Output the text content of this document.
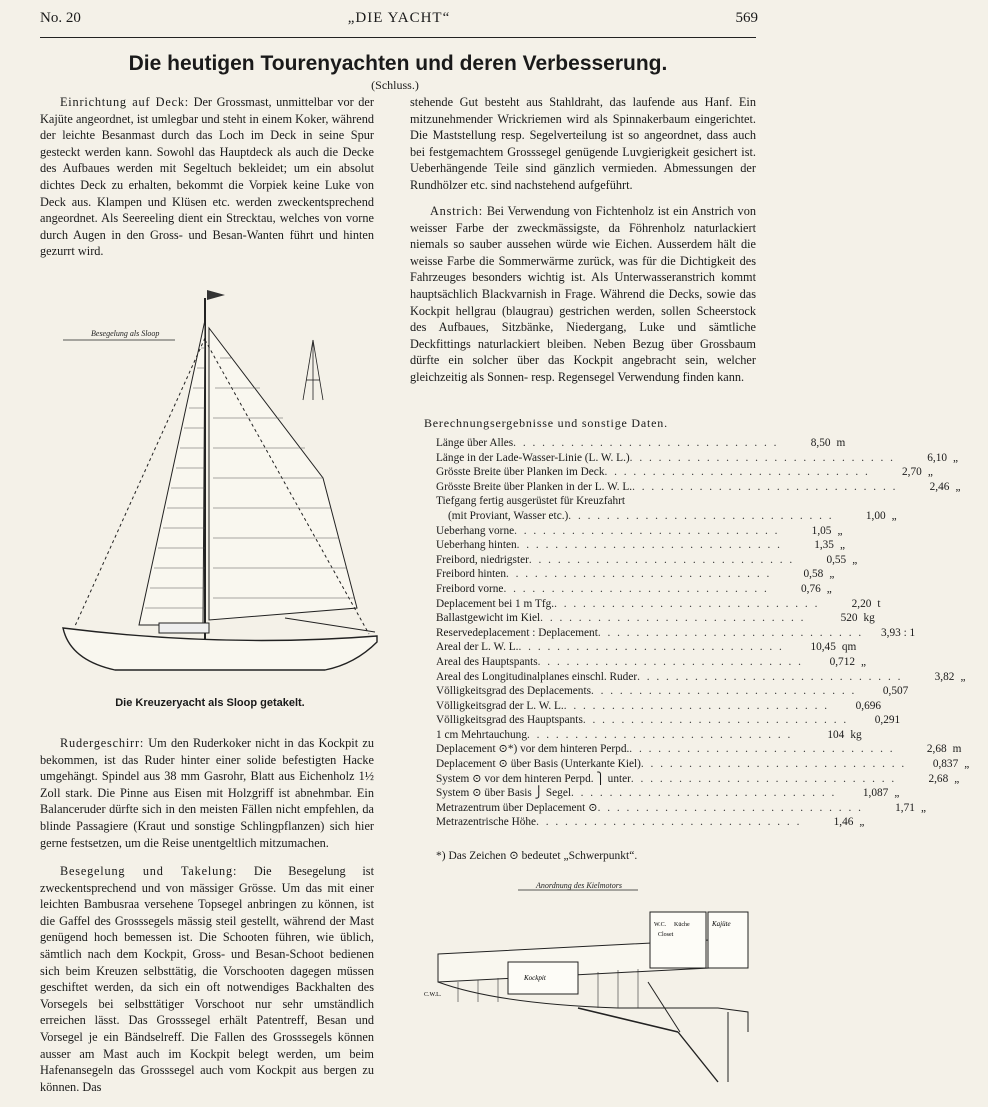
No. 20	„DIE YACHT“	569
Die heutigen Tourenyachten und deren Verbesserung.
(Schluss.)

Einrichtung auf Deck: Der Grossmast, unmittelbar vor der Kajüte angeordnet, ist umlegbar und steht in einem Koker, während der leichte Besanmast durch das Loch im Deck in seine Spur gesteckt werden kann. Sowohl das Hauptdeck als auch die Decke des Aufbaues werden mit Segeltuch bekleidet; um ein absolut dichtes Deck zu erhalten, bekommt die Vorpiek keine Luke von Deck aus. Klampen und Klüsen etc. werden zweckentsprechend angeordnet. Als Seereeling dient ein Strecktau, welches von vorne durch Augen in den Gross- und Besan-Wanten führt und hinten gezurrt wird.

Besegelung als Sloop
Die Kreuzeryacht als Sloop getakelt.

Rudergeschirr: Um den Ruderkoker nicht in das Kockpit zu bekommen, ist das Ruder hinter einer solide befestigten Hacke umgehängt. Spindel aus 38 mm Gasrohr, Blatt aus Eichenholz 1½ Zoll stark. Die Pinne aus Eisen mit Holzgriff ist abnehmbar. Ein Balanceruder dürfte sich in den meisten Fällen nicht empfehlen, da blinde Passagiere (Kraut und sonstige Schlingpflanzen) sich hier gerne festsetzen, um die Reise unentgeltlich mitzumachen.

Besegelung und Takelung: Die Besegelung ist zweckentsprechend und von mässiger Grösse. Um das mit einer leichten Bambusraa versehene Topsegel anbringen zu können, ist die Gaffel des Grosssegels mässig steil gestellt, während der Mast genügend hoch bemessen ist. Die Schooten führen, wie üblich, sämtlich nach dem Kockpit, Gross- und Besan-Schoot bedienen sich beim Kreuzen selbsttätig, die Vorschooten dagegen müssen geschiftet werden, da sich ein oft notwendiges Backhalten des Vorsegels bei selbsttätiger Vorschoot nur sehr umständlich erreichen lässt. Das Grosssegel erhält Patentreff, Besan und Vorsegel je ein Bändselreff. Die Fallen des Grosssegels können ausser am Mast auch im Kockpit belegt werden, um beim Hafenansegeln das Grosssegel auch vom Kockpit aus bergen zu können. Das

stehende Gut besteht aus Stahldraht, das laufende aus Hanf. Ein mitzunehmender Wrickriemen wird als Spinnakerbaum eingerichtet. Die Maststellung resp. Segelverteilung ist so angeordnet, dass auch bei festgemachtem Grosssegel genügende Luvgierigkeit gesichert ist. Ueberhängende Teile sind gänzlich vermieden. Abmessungen der Rundhölzer etc. sind nachstehend aufgeführt.

Anstrich: Bei Verwendung von Fichtenholz ist ein Anstrich von weisser Farbe der zweckmässigste, da Föhrenholz naturlackiert niemals so sauber aussehen würde wie Eichen. Ausserdem hält die weisse Farbe die Sommerwärme zurück, was für die Dichtigkeit des Fahrzeuges besonders wichtig ist. Als Unterwasseranstrich kommt hauptsächlich Blackvarnish in Frage. Während die Decks, sowie das Kockpit hellgrau (blaugrau) gestrichen werden, sollen Scheerstock des Aufbaues, Sitzbänke, Niedergang, Luke und sämtliche Deckfittings naturlackiert bleiben. Neben Bezug über Grossbaum dürfte ein solcher über das Kockpit angebracht sein, welcher gleichzeitig als Sonnen- resp. Regensegel Verwendung finden kann.

Berechnungsergebnisse und sonstige Daten.
Länge über Alles . . . . . . . . . . . . . . . . . . . . . . . . . . . .	8,50 m
Länge in der Lade-Wasser-Linie (L. W. L.) . . . . . . . . . . . . . . . . . . . . . . . . . . . .	6,10 „
Grösste Breite über Planken im Deck . . . . . . . . . . . . . . . . . . . . . . . . . . . .	2,70 „
Grösste Breite über Planken in der L. W. L. . . . . . . . . . . . . . . . . . . . . . . . . . . . .	2,46 „
Tiefgang fertig ausgerüstet für Kreuzfahrt
(mit Proviant, Wasser etc.) . . . . . . . . . . . . . . . . . . . . . . . . . . . .	1,00 „
Ueberhang vorne . . . . . . . . . . . . . . . . . . . . . . . . . . . .	1,05 „
Ueberhang hinten . . . . . . . . . . . . . . . . . . . . . . . . . . . .	1,35 „
Freibord, niedrigster . . . . . . . . . . . . . . . . . . . . . . . . . . . .	0,55 „
Freibord hinten . . . . . . . . . . . . . . . . . . . . . . . . . . . .	0,58 „
Freibord vorne . . . . . . . . . . . . . . . . . . . . . . . . . . . .	0,76 „
Deplacement bei 1 m Tfg. . . . . . . . . . . . . . . . . . . . . . . . . . . . .	2,20 t
Ballastgewicht im Kiel . . . . . . . . . . . . . . . . . . . . . . . . . . . .	520 kg
Reservedeplacement : Deplacement . . . . . . . . . . . . . . . . . . . . . . . . . . . .	3,93 : 1
Areal der L. W. L. . . . . . . . . . . . . . . . . . . . . . . . . . . . .	10,45 qm
Areal des Hauptspants . . . . . . . . . . . . . . . . . . . . . . . . . . . .	0,712 „
Areal des Longitudinalplanes einschl. Ruder . . . . . . . . . . . . . . . . . . . . . . . . . . . .	3,82 „
Völligkeitsgrad des Deplacements . . . . . . . . . . . . . . . . . . . . . . . . . . . .	0,507
Völligkeitsgrad der L. W. L. . . . . . . . . . . . . . . . . . . . . . . . . . . . .	0,696
Völligkeitsgrad des Hauptspants . . . . . . . . . . . . . . . . . . . . . . . . . . . .	0,291
1 cm Mehrtauchung . . . . . . . . . . . . . . . . . . . . . . . . . . . .	104 kg
Deplacement ⊙*) vor dem hinteren Perpd. . . . . . . . . . . . . . . . . . . . . . . . . . . . .	2,68 m
Deplacement ⊙ über Basis (Unterkante Kiel) . . . . . . . . . . . . . . . . . . . . . . . . . . . .	0,837 „
System ⊙ vor dem hinteren Perpd. ⎫ unter . . . . . . . . . . . . . . . . . . . . . . . . . . . .	2,68 „
System ⊙ über Basis ⎭ Segel . . . . . . . . . . . . . . . . . . . . . . . . . . . .	1,087 „
Metrazentrum über Deplacement ⊙ . . . . . . . . . . . . . . . . . . . . . . . . . . . .	1,71 „
Metrazentrische Höhe . . . . . . . . . . . . . . . . . . . . . . . . . . . .	1,46 „
*) Das Zeichen ⊙ bedeutet „Schwerpunkt“.
Anordnung des Kielmotors
Kockpit
W.C. Küche
Closet
Kajüte
C.W.L.
